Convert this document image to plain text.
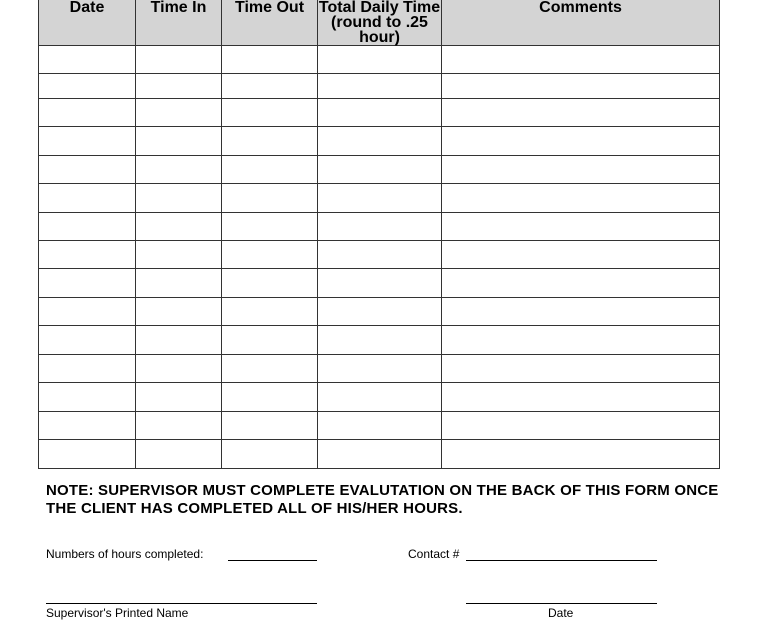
Date	Time In	Time Out	Total Daily Time (round to .25 hour)	Comments

NOTE: SUPERVISOR MUST COMPLETE EVALUTATION ON THE BACK OF THIS FORM ONCE THE CLIENT HAS COMPLETED ALL OF HIS/HER HOURS.
Numbers of hours completed:	Contact #
Supervisor's Printed Name	Date
